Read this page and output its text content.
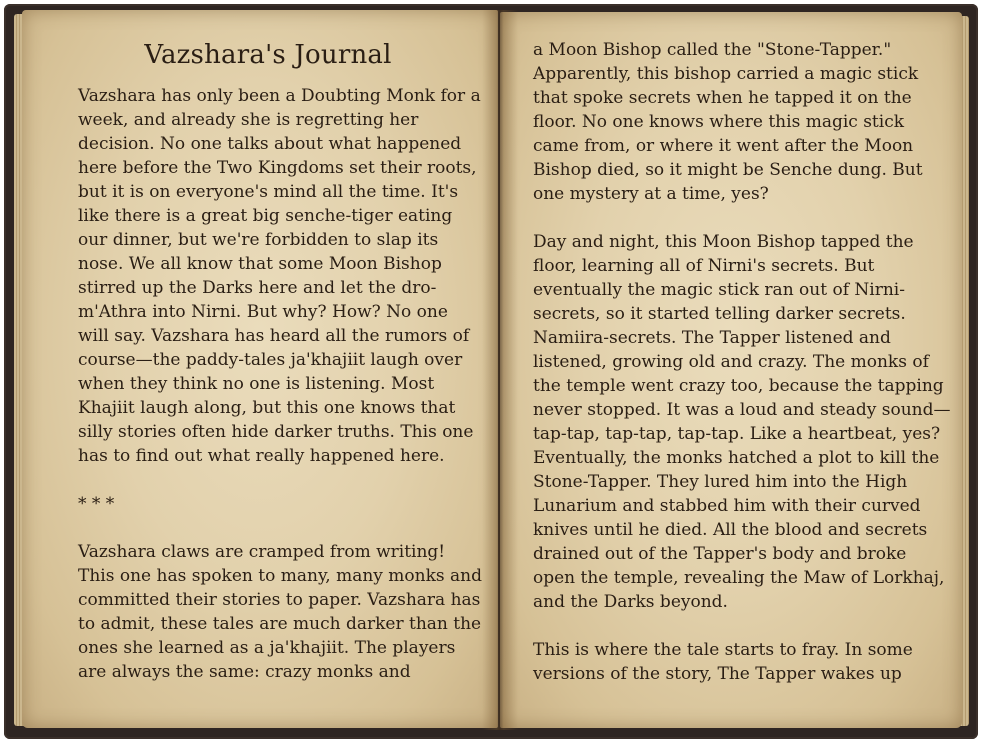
Vazshara's Journal
Vazshara has only been a Doubting Monk for a week, and already she is regretting her decision. No one talks about what happened here before the Two Kingdoms set their roots, but it is on everyone's mind all the time. It's like there is a great big senche-tiger eating our dinner, but we're forbidden to slap its nose. We all know that some Moon Bishop stirred up the Darks here and let the dro-m'Athra into Nirni. But why? How? No one will say. Vazshara has heard all the rumors of course—the paddy-tales ja'khajiit laugh over when they think no one is listening. Most Khajiit laugh along, but this one knows that silly stories often hide darker truths. This one has to find out what really happened here.
* * *
Vazshara claws are cramped from writing! This one has spoken to many, many monks and committed their stories to paper. Vazshara has to admit, these tales are much darker than the ones she learned as a ja'khajiit. The players are always the same: crazy monks and
a Moon Bishop called the "Stone-Tapper." Apparently, this bishop carried a magic stick that spoke secrets when he tapped it on the floor. No one knows where this magic stick came from, or where it went after the Moon Bishop died, so it might be Senche dung. But one mystery at a time, yes?
Day and night, this Moon Bishop tapped the floor, learning all of Nirni's secrets. But eventually the magic stick ran out of Nirni-secrets, so it started telling darker secrets. Namiira-secrets. The Tapper listened and listened, growing old and crazy. The monks of the temple went crazy too, because the tapping never stopped. It was a loud and steady sound—tap-tap, tap-tap, tap-tap. Like a heartbeat, yes? Eventually, the monks hatched a plot to kill the Stone-Tapper. They lured him into the High Lunarium and stabbed him with their curved knives until he died. All the blood and secrets drained out of the Tapper's body and broke open the temple, revealing the Maw of Lorkhaj, and the Darks beyond.
This is where the tale starts to fray. In some versions of the story, The Tapper wakes up
